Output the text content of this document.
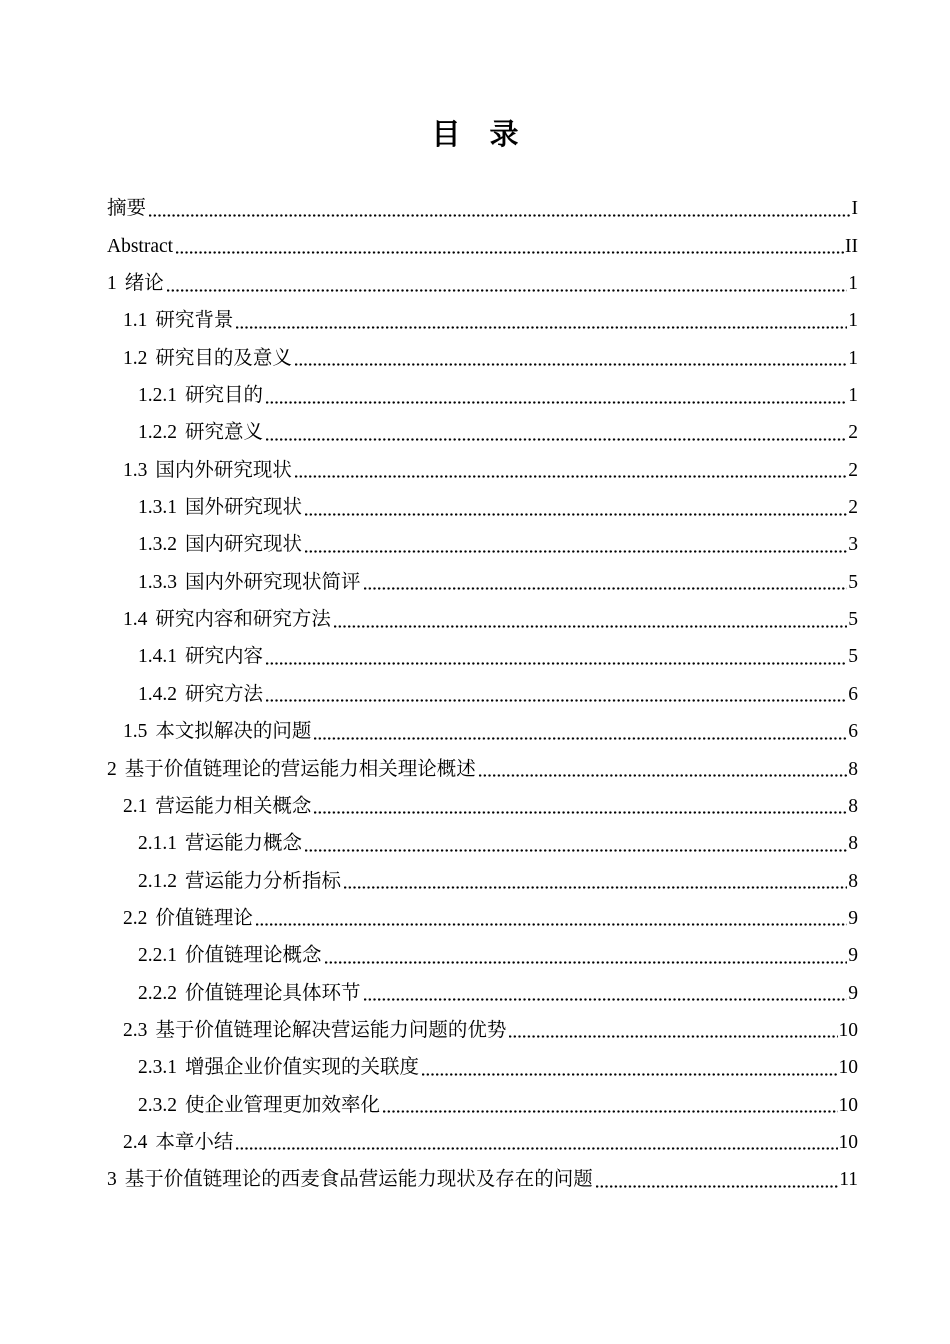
目　录
摘要	I
Abstract	II
1 绪论	1
1.1 研究背景	1
1.2 研究目的及意义	1
1.2.1 研究目的	1
1.2.2 研究意义	2
1.3 国内外研究现状	2
1.3.1 国外研究现状	2
1.3.2 国内研究现状	3
1.3.3 国内外研究现状简评	5
1.4 研究内容和研究方法	5
1.4.1 研究内容	5
1.4.2 研究方法	6
1.5 本文拟解决的问题	6
2 基于价值链理论的营运能力相关理论概述	8
2.1 营运能力相关概念	8
2.1.1 营运能力概念	8
2.1.2 营运能力分析指标	8
2.2 价值链理论	9
2.2.1 价值链理论概念	9
2.2.2 价值链理论具体环节	9
2.3 基于价值链理论解决营运能力问题的优势	10
2.3.1 增强企业价值实现的关联度	10
2.3.2 使企业管理更加效率化	10
2.4 本章小结	10
3 基于价值链理论的西麦食品营运能力现状及存在的问题	11
